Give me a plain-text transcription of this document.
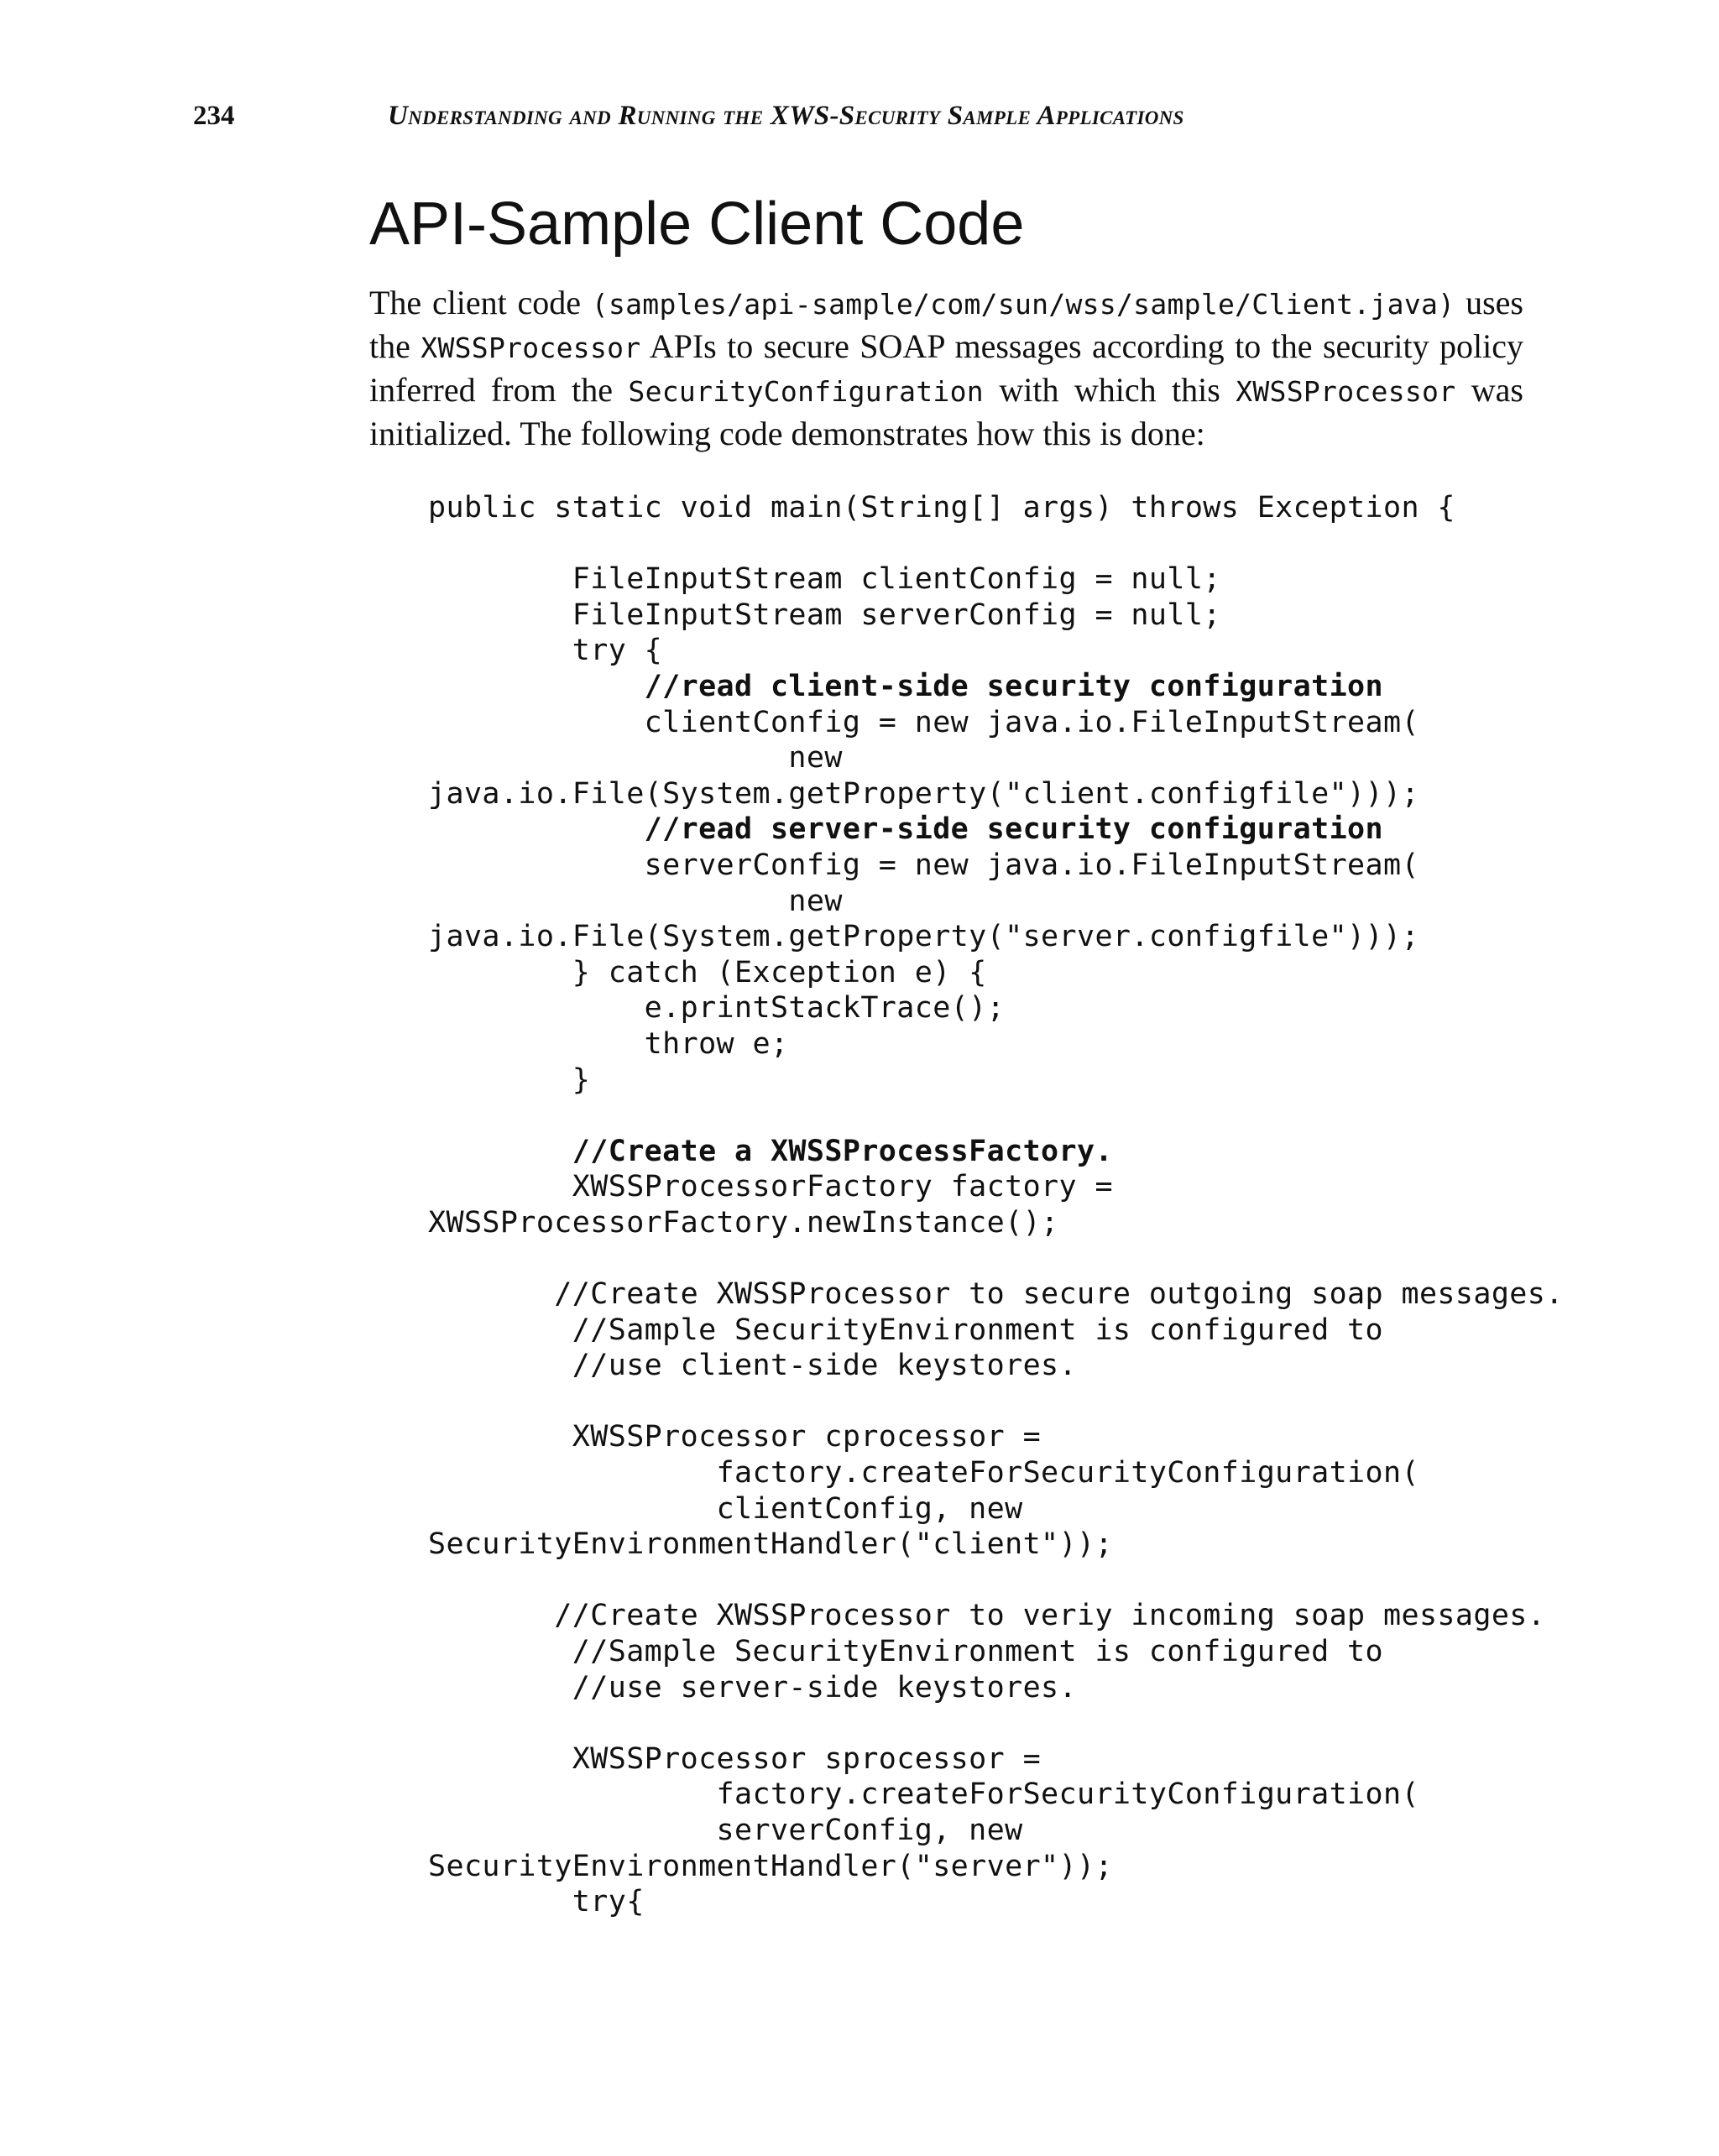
234	Understanding and Running the XWS-Security Sample Applications
API-Sample Client Code

The client code (samples/api-sample/com/sun/wss/sample/Client.java) uses the XWSSProcessor APIs to secure SOAP messages according to the security policy inferred from the SecurityConfiguration with which this XWSSProcessor was initialized. The following code demonstrates how this is done:

public static void main(String[] args) throws Exception {
FileInputStream clientConfig = null;
FileInputStream serverConfig = null;
try {
//read client-side security configuration
clientConfig = new java.io.FileInputStream(
new
java.io.File(System.getProperty("client.configfile")));
//read server-side security configuration
serverConfig = new java.io.FileInputStream(
new
java.io.File(System.getProperty("server.configfile")));
} catch (Exception e) {
e.printStackTrace();
throw e;
}
//Create a XWSSProcessFactory.
XWSSProcessorFactory factory =
XWSSProcessorFactory.newInstance();
//Create XWSSProcessor to secure outgoing soap messages.
//Sample SecurityEnvironment is configured to
//use client-side keystores.
XWSSProcessor cprocessor =
factory.createForSecurityConfiguration(
clientConfig, new
SecurityEnvironmentHandler("client"));
//Create XWSSProcessor to veriy incoming soap messages.
//Sample SecurityEnvironment is configured to
//use server-side keystores.
XWSSProcessor sprocessor =
factory.createForSecurityConfiguration(
serverConfig, new
SecurityEnvironmentHandler("server"));
try{
